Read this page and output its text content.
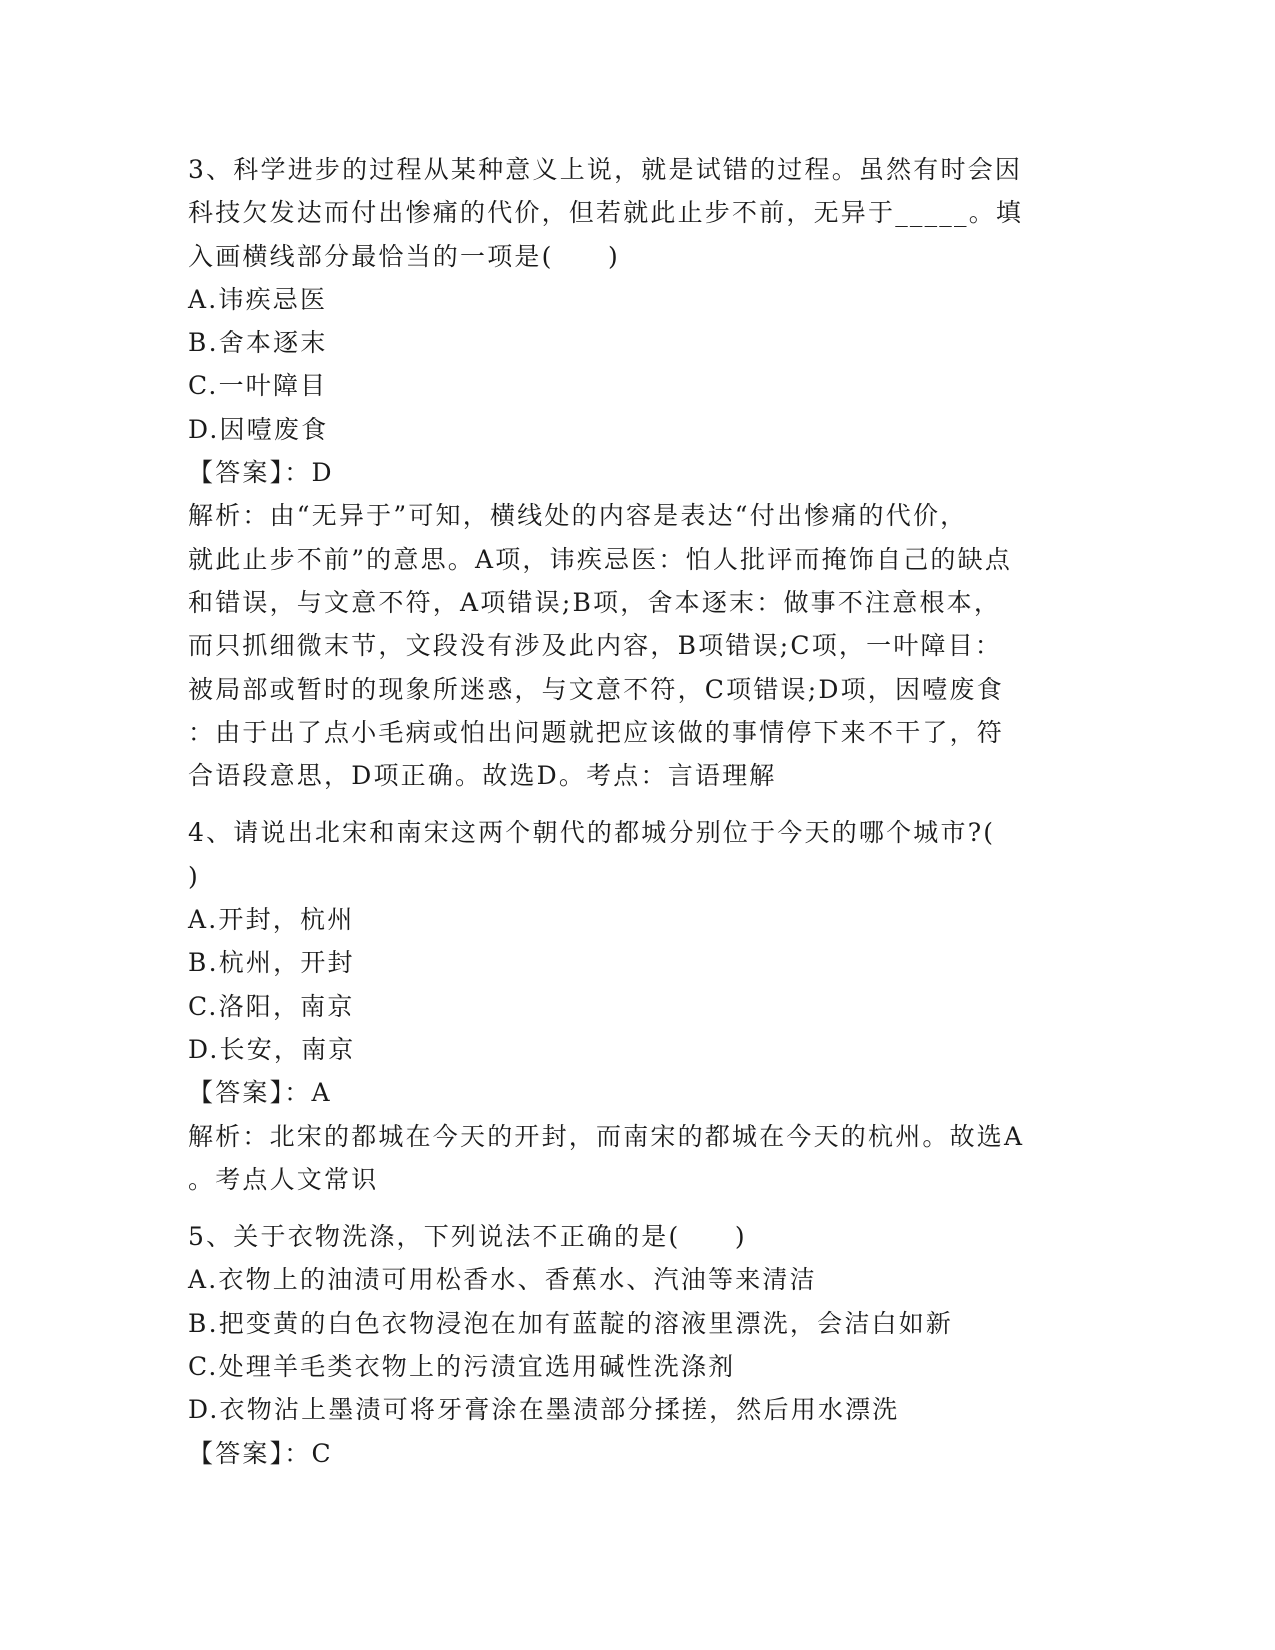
3、科学进步的过程从某种意义上说，就是试错的过程。虽然有时会因
科技欠发达而付出惨痛的代价，但若就此止步不前，无异于_____。填
入画横线部分最恰当的一项是(　　)
A.讳疾忌医
B.舍本逐末
C.一叶障目
D.因噎废食
【答案】：D
解析：由“无异于”可知，横线处的内容是表达“付出惨痛的代价，
就此止步不前”的意思。A项，讳疾忌医：怕人批评而掩饰自己的缺点
和错误，与文意不符，A项错误;B项，舍本逐末：做事不注意根本，
而只抓细微末节，文段没有涉及此内容，B项错误;C项，一叶障目：
被局部或暂时的现象所迷惑，与文意不符，C项错误;D项，因噎废食
：由于出了点小毛病或怕出问题就把应该做的事情停下来不干了，符
合语段意思，D项正确。故选D。考点：言语理解
4、请说出北宋和南宋这两个朝代的都城分别位于今天的哪个城市?(
)
A.开封，杭州
B.杭州，开封
C.洛阳，南京
D.长安，南京
【答案】：A
解析：北宋的都城在今天的开封，而南宋的都城在今天的杭州。故选A
。考点人文常识
5、关于衣物洗涤，下列说法不正确的是(　　)
A.衣物上的油渍可用松香水、香蕉水、汽油等来清洁
B.把变黄的白色衣物浸泡在加有蓝靛的溶液里漂洗，会洁白如新
C.处理羊毛类衣物上的污渍宜选用碱性洗涤剂
D.衣物沾上墨渍可将牙膏涂在墨渍部分揉搓，然后用水漂洗
【答案】：C
